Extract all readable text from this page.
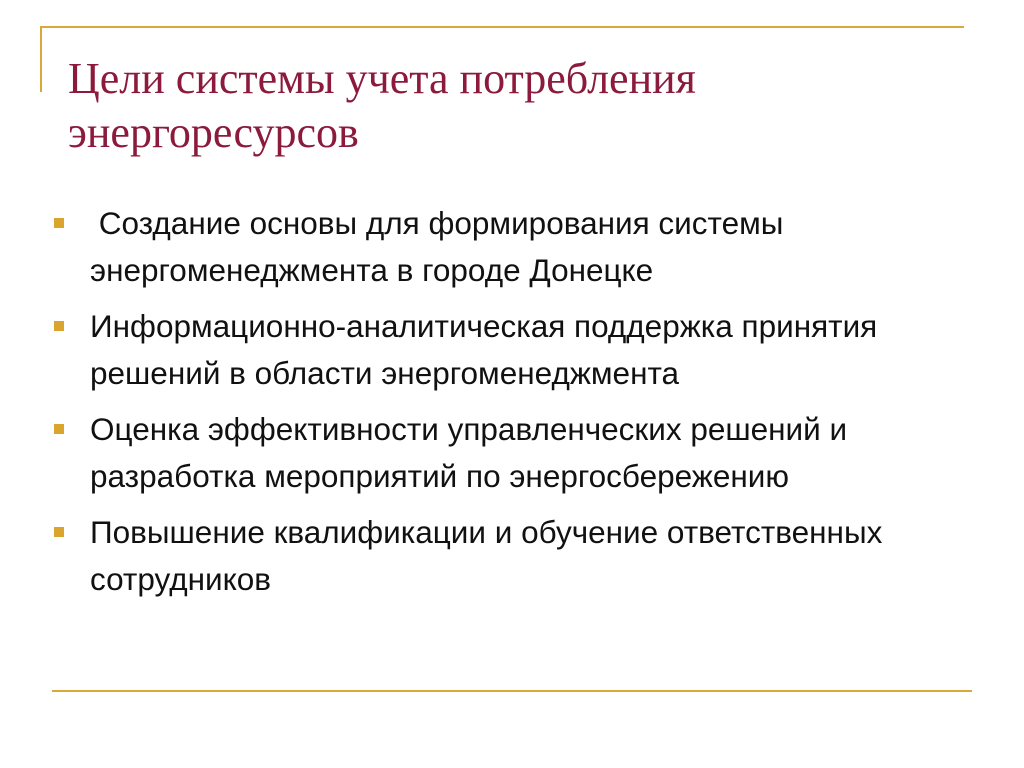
Цели системы учета потребления энергоресурсов
Создание основы для формирования системы энергоменеджмента в городе Донецке
Информационно-аналитическая поддержка принятия решений в области энергоменеджмента
Оценка эффективности управленческих решений и разработка мероприятий по энергосбережению
Повышение квалификации и обучение ответственных сотрудников
